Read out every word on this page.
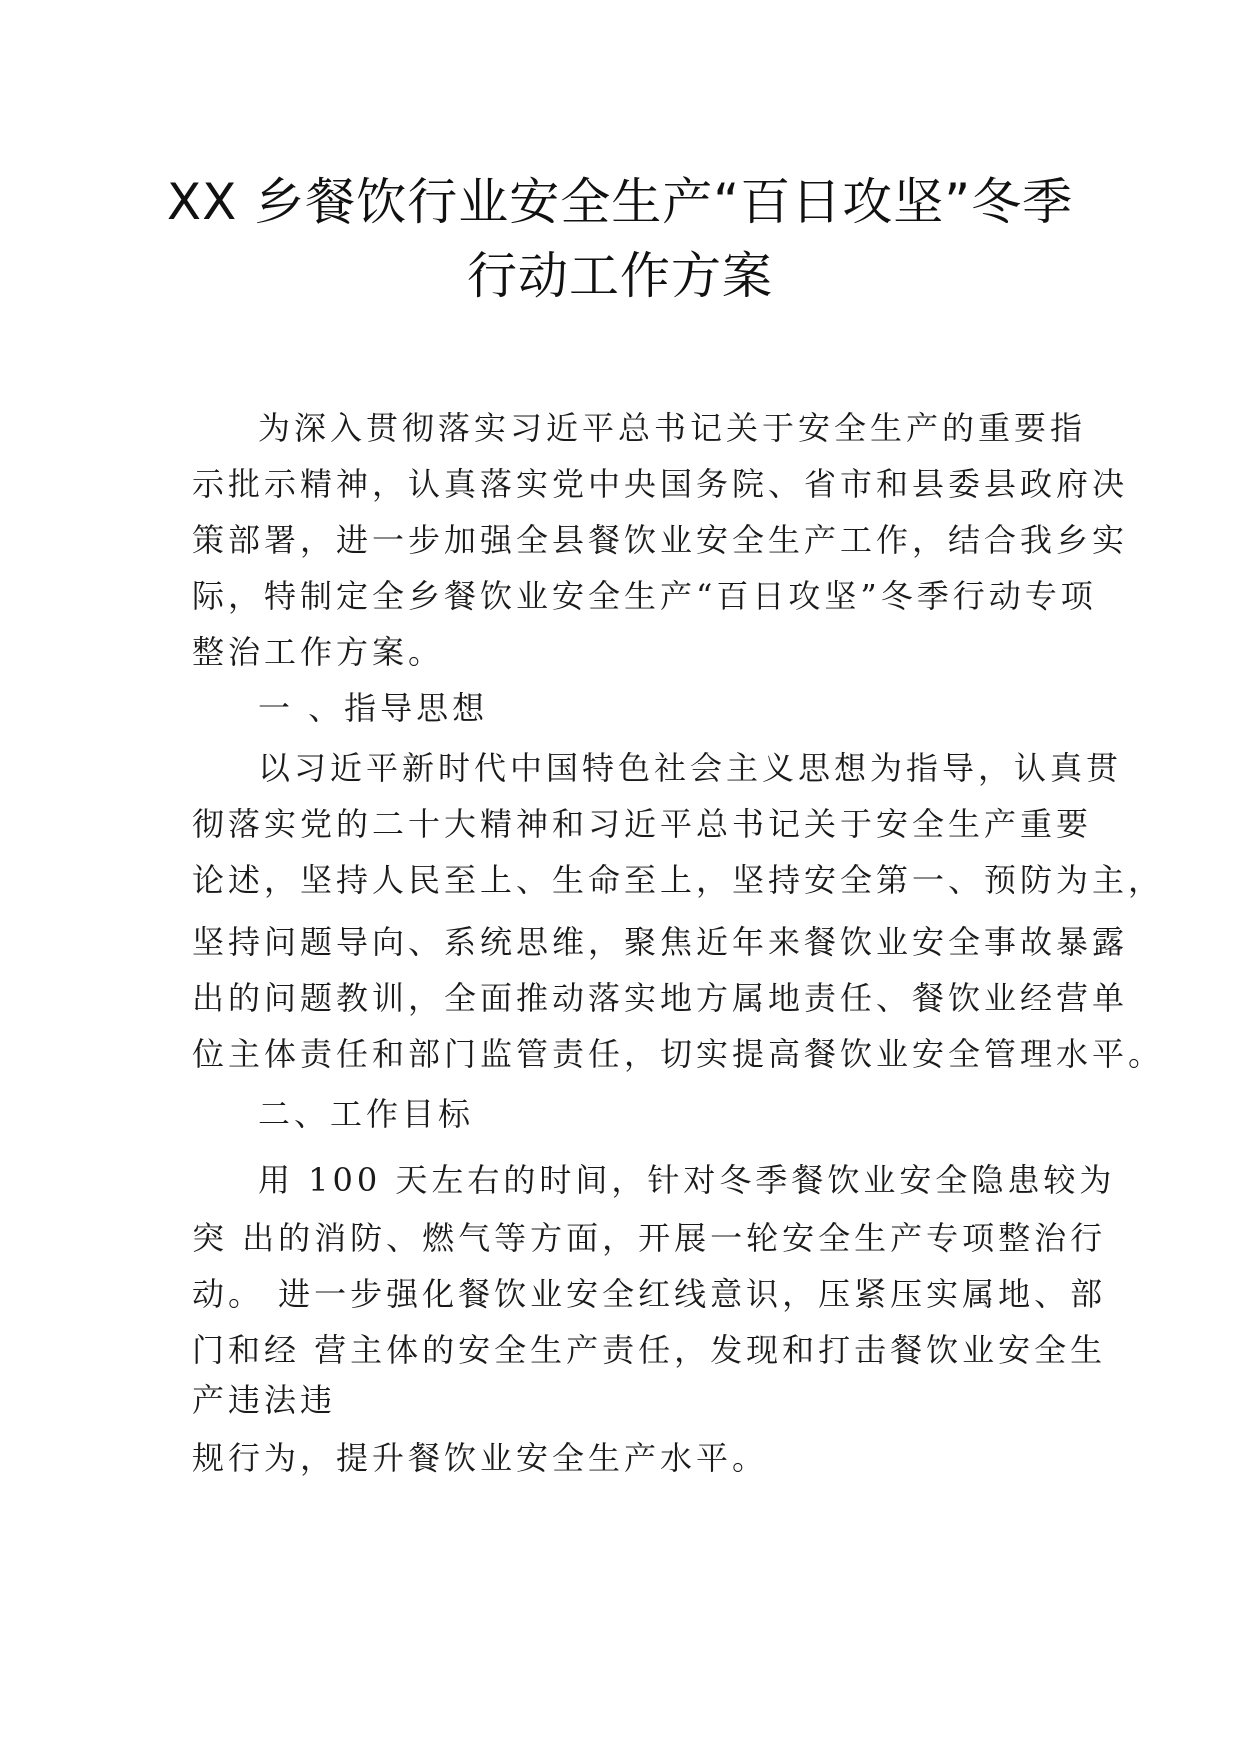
XX 乡餐饮行业安全生产“百日攻坚”冬季
行动工作方案
为深入贯彻落实习近平总书记关于安全生产的重要指
示批示精神，认真落实党中央国务院、省市和县委县政府决
策部署，进一步加强全县餐饮业安全生产工作，结合我乡实
际，特制定全乡餐饮业安全生产“百日攻坚”冬季行动专项
整治工作方案。
一 、指导思想
以习近平新时代中国特色社会主义思想为指导，认真贯
彻落实党的二十大精神和习近平总书记关于安全生产重要
论述，坚持人民至上、生命至上，坚持安全第一、预防为主，
坚持问题导向、系统思维，聚焦近年来餐饮业安全事故暴露
出的问题教训，全面推动落实地方属地责任、餐饮业经营单
位主体责任和部门监管责任，切实提高餐饮业安全管理水平。
二、工作目标
用 100 天左右的时间，针对冬季餐饮业安全隐患较为
突 出的消防、燃气等方面，开展一轮安全生产专项整治行
动。 进一步强化餐饮业安全红线意识，压紧压实属地、部
门和经 营主体的安全生产责任，发现和打击餐饮业安全生
产违法违
规行为，提升餐饮业安全生产水平。
